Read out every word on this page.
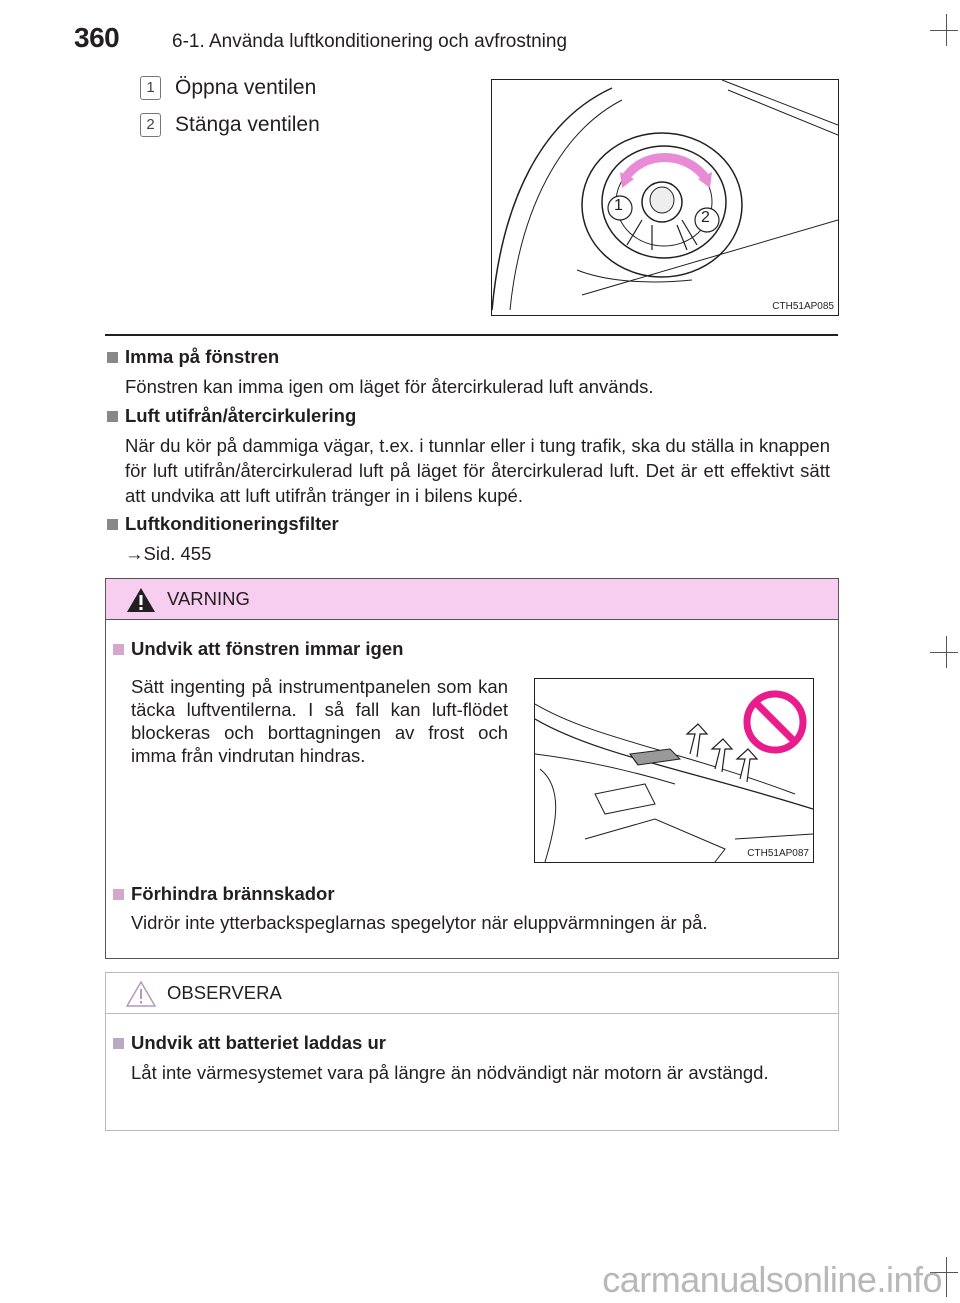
360	6-1. Använda luftkonditionering och avfrostning
1 Öppna ventilen
2 Stänga ventilen
1
2
CTH51AP085
Imma på fönstren
Fönstren kan imma igen om läget för återcirkulerad luft används.
Luft utifrån/återcirkulering
När du kör på dammiga vägar, t.ex. i tunnlar eller i tung trafik, ska du ställa in knappen för luft utifrån/återcirkulerad luft på läget för återcirkulerad luft. Det är ett effektivt sätt att undvika att luft utifrån tränger in i bilens kupé.
Luftkonditioneringsfilter
→Sid. 455
VARNING
Undvik att fönstren immar igen
Sätt ingenting på instrumentpanelen som kan täcka luftventilerna. I så fall kan luft-flödet blockeras och borttagningen av frost och imma från vindrutan hindras.
CTH51AP087
Förhindra brännskador
Vidrör inte ytterbackspeglarnas spegelytor när eluppvärmningen är på.
OBSERVERA
Undvik att batteriet laddas ur
Låt inte värmesystemet vara på längre än nödvändigt när motorn är avstängd.
carmanualsonline.info
